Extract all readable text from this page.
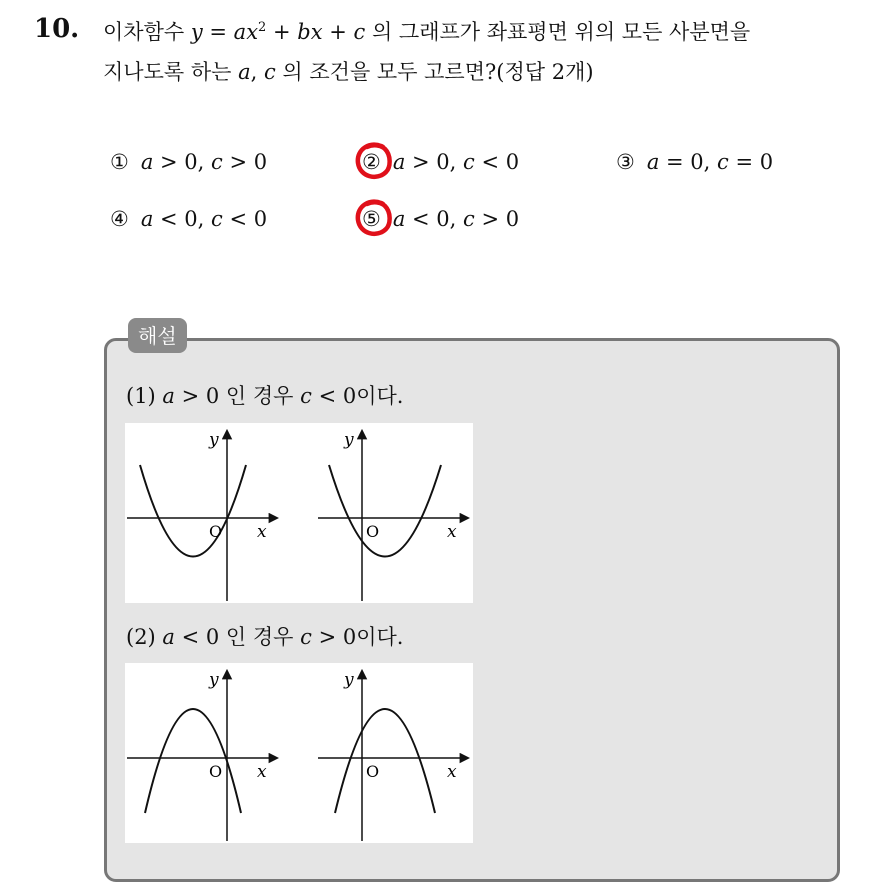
10. 이차함수 $y = ax^2$ + bx + c 의 그래프가 좌표평면 위의 모든 사분면을
지나도록 하는 a, c 의 조건을 모두 고르면?(정답 2개)
① a > 0, c > 0	② a > 0, c < 0	③ a = 0, c = 0
④ a < 0, c < 0	⑤ a < 0, c > 0
해설
(1) a > 0 인 경우 c < 0이다.
y
x
O
y
x
O
(2) a < 0 인 경우 c > 0이다.
y
x
O
y
x
O
